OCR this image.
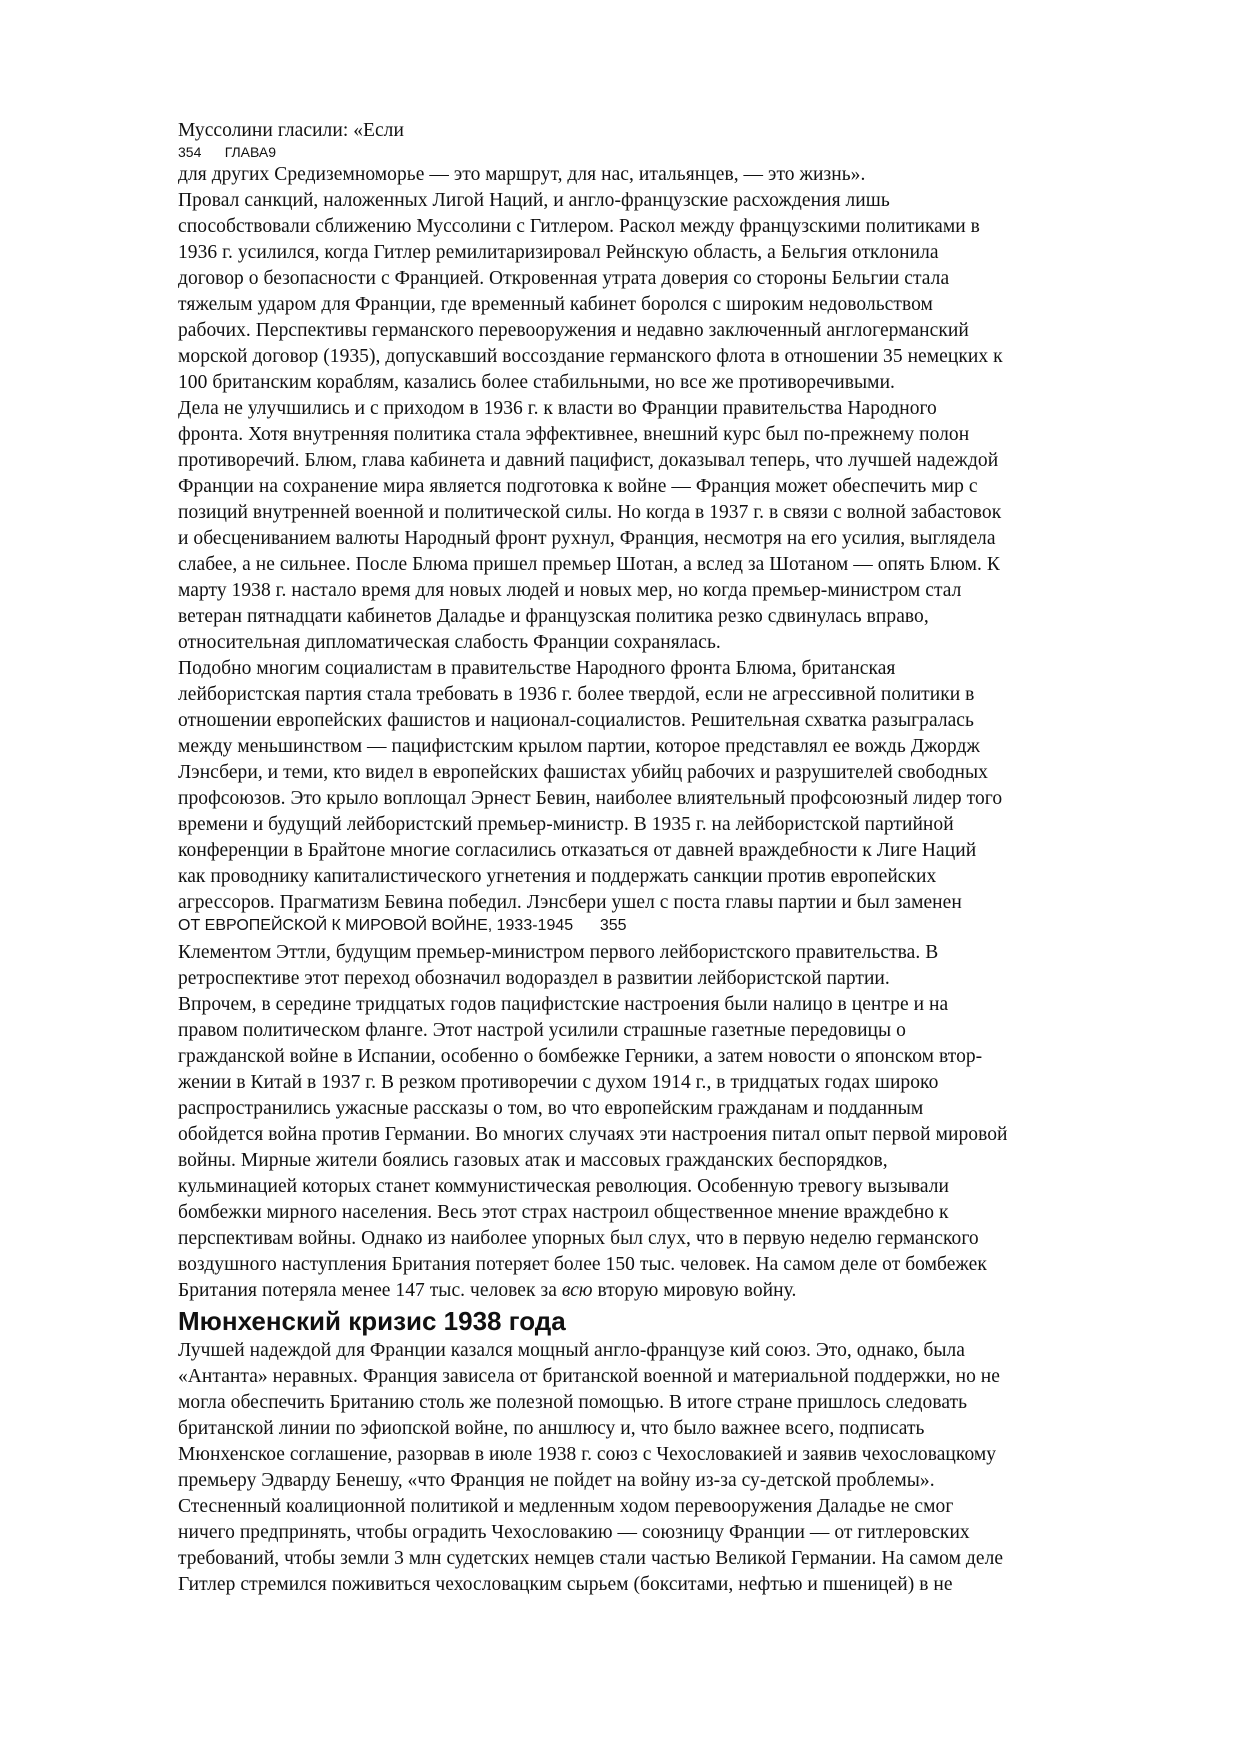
Муссолини гласили: «Если
354      ГЛАВА9
для других Средиземноморье — это маршрут, для нас, итальянцев, — это жизнь».
Провал санкций, наложенных Лигой Наций, и англо-французские расхождения лишь
способствовали сближению Муссолини с Гитлером. Раскол между французскими политиками в
1936 г. усилился, когда Гитлер ремилитаризировал Рейнскую область, а Бельгия отклонила
договор о безопасности с Францией. Откровенная утрата доверия со стороны Бельгии стала
тяжелым ударом для Франции, где временный кабинет боролся с широким недовольством
рабочих. Перспективы германского перевооружения и недавно заключенный англогерманский
морской договор (1935), допускавший воссоздание германского флота в отношении 35 немецких к
100 британским кораблям, казались более стабильными, но все же противоречивыми.
Дела не улучшились и с приходом в 1936 г. к власти во Франции правительства Народного
фронта. Хотя внутренняя политика стала эффективнее, внешний курс был по-прежнему полон
противоречий. Блюм, глава кабинета и давний пацифист, доказывал теперь, что лучшей надеждой
Франции на сохранение мира является подготовка к войне — Франция может обеспечить мир с
позиций внутренней военной и политической силы. Но когда в 1937 г. в связи с волной забастовок
и обесцениванием валюты Народный фронт рухнул, Франция, несмотря на его усилия, выглядела
слабее, а не сильнее. После Блюма пришел премьер Шотан, а вслед за Шотаном — опять Блюм. К
марту 1938 г. настало время для новых людей и новых мер, но когда премьер-министром стал
ветеран пятнадцати кабинетов Даладье и французская политика резко сдвинулась вправо,
относительная дипломатическая слабость Франции сохранялась.
Подобно многим социалистам в правительстве Народного фронта Блюма, британская
лейбористская партия стала требовать в 1936 г. более твердой, если не агрессивной политики в
отношении европейских фашистов и национал-социалистов. Решительная схватка разыгралась
между меньшинством — пацифистским крылом партии, которое представлял ее вождь Джордж
Лэнсбери, и теми, кто видел в европейских фашистах убийц рабочих и разрушителей свободных
профсоюзов. Это крыло воплощал Эрнест Бевин, наиболее влиятельный профсоюзный лидер того
времени и будущий лейбористский премьер-министр. В 1935 г. на лейбористской партийной
конференции в Брайтоне многие согласились отказаться от давней враждебности к Лиге Наций
как проводнику капиталистического угнетения и поддержать санкции против европейских
агрессоров. Прагматизм Бевина победил. Лэнсбери ушел с поста главы партии и был заменен
ОТ ЕВРОПЕЙСКОЙ К МИРОВОЙ ВОЙНЕ, 1933-1945      355
Клементом Эттли, будущим премьер-министром первого лейбористского правительства. В
ретроспективе этот переход обозначил водораздел в развитии лейбористской партии.
Впрочем, в середине тридцатых годов пацифистские настроения были налицо в центре и на
правом политическом фланге. Этот настрой усилили страшные газетные передовицы о
гражданской войне в Испании, особенно о бомбежке Герники, а затем новости о японском втор-
жении в Китай в 1937 г. В резком противоречии с духом 1914 г., в тридцатых годах широко
распространились ужасные рассказы о том, во что европейским гражданам и подданным
обойдется война против Германии. Во многих случаях эти настроения питал опыт первой мировой
войны. Мирные жители боялись газовых атак и массовых гражданских беспорядков,
кульминацией которых станет коммунистическая революция. Особенную тревогу вызывали
бомбежки мирного населения. Весь этот страх настроил общественное мнение враждебно к
перспективам войны. Однако из наиболее упорных был слух, что в первую неделю германского
воздушного наступления Британия потеряет более 150 тыс. человек. На самом деле от бомбежек
Британия потеряла менее 147 тыс. человек за всю вторую мировую войну.
Мюнхенский кризис 1938 года
Лучшей надеждой для Франции казался мощный англо-французе кий союз. Это, однако, была
«Антанта» неравных. Франция зависела от британской военной и материальной поддержки, но не
могла обеспечить Британию столь же полезной помощью. В итоге стране пришлось следовать
британской линии по эфиопской войне, по аншлюсу и, что было важнее всего, подписать
Мюнхенское соглашение, разорвав в июле 1938 г. союз с Чехословакией и заявив чехословацкому
премьеру Эдварду Бенешу, «что Франция не пойдет на войну из-за су-детской проблемы».
Стесненный коалиционной политикой и медленным ходом перевооружения Даладье не смог
ничего предпринять, чтобы оградить Чехословакию — союзницу Франции — от гитлеровских
требований, чтобы земли 3 млн судетских немцев стали частью Великой Германии. На самом деле
Гитлер стремился поживиться чехословацким сырьем (бокситами, нефтью и пшеницей) в не
